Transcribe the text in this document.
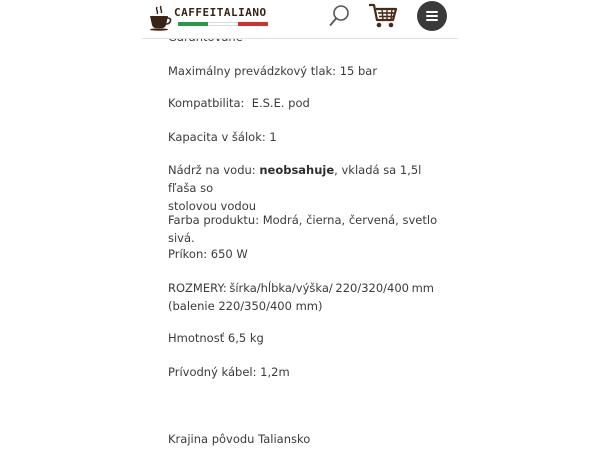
CAFFEITALIANO

Maximálny prevádzkový tlak: 15 bar

Kompatbilita:  E.S.E. pod

Kapacita v šálok: 1

Nádrž na vodu: neobsahuje, vkladá sa 1,5l fľaša so
stolovou vodou

Farba produktu: Modrá, čierna, červená, svetlo sivá.

Príkon: 650 W

ROZMERY: šírka/hĺbka/výška/ 220/320/400 mm
(balenie 220/350/400 mm)

Hmotnosť 6,5 kg

Prívodný kábel: 1,2m

Krajina pôvodu Taliansko
